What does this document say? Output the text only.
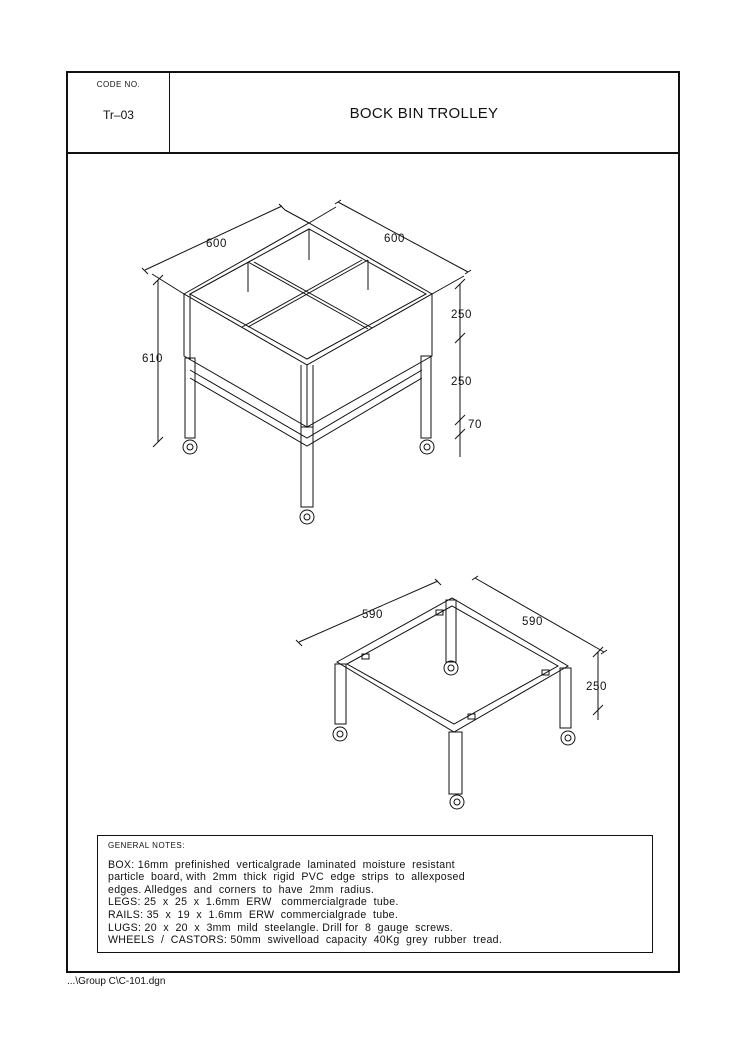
CODE NO.
Tr–03	BOCK BIN TROLLEY
600	600
610
250
250
70
590
590
250
GENERAL NOTES:
BOX: 16mm  prefinished  verticalgrade  laminated  moisture  resistant
particle  board, with  2mm  thick  rigid  PVC  edge  strips  to  allexposed
edges. Alledges  and  corners  to  have  2mm  radius.
LEGS: 25  x  25  x  1.6mm  ERW   commercialgrade  tube.
RAILS: 35  x  19  x  1.6mm  ERW  commercialgrade  tube.
LUGS: 20  x  20  x  3mm  mild  steelangle. Drill for  8  gauge  screws.
WHEELS  /  CASTORS: 50mm  swivelload  capacity  40Kg  grey  rubber  tread.
...\Group C\C-101.dgn
